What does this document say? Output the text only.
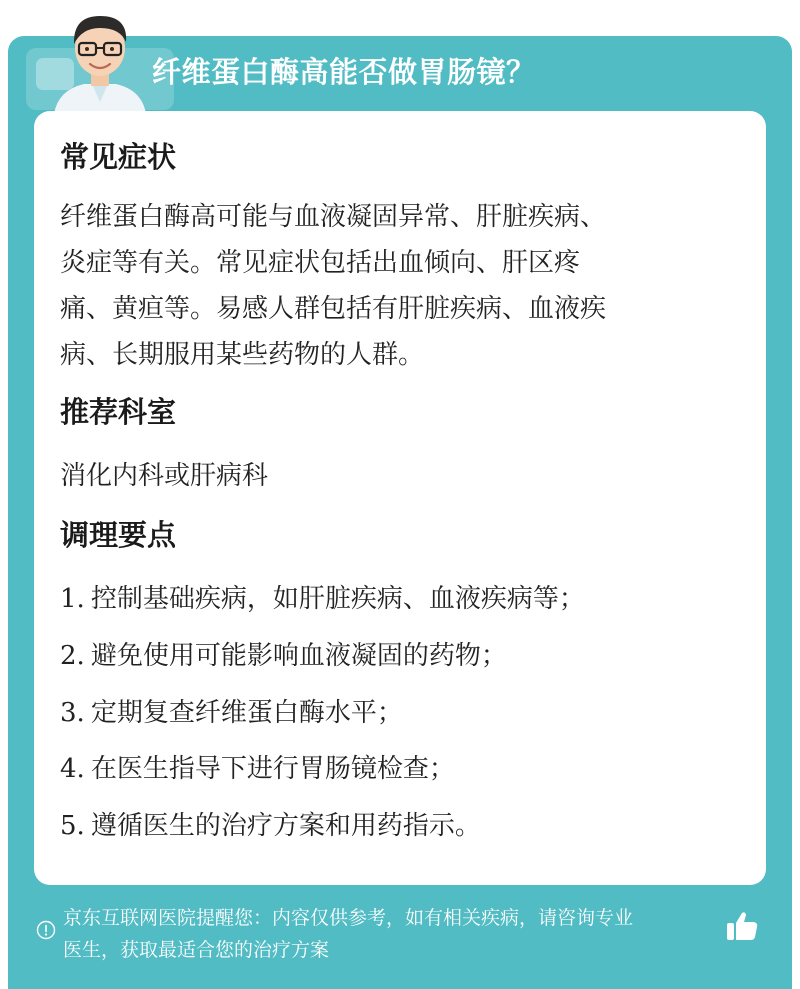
纤维蛋白酶高能否做胃肠镜？
常见症状
纤维蛋白酶高可能与血液凝固异常、肝脏疾病、
炎症等有关。常见症状包括出血倾向、肝区疼
痛、黄疸等。易感人群包括有肝脏疾病、血液疾
病、长期服用某些药物的人群。
推荐科室
消化内科或肝病科
调理要点
1. 控制基础疾病，如肝脏疾病、血液疾病等；
2. 避免使用可能影响血液凝固的药物；
3. 定期复查纤维蛋白酶水平；
4. 在医生指导下进行胃肠镜检查；
5. 遵循医生的治疗方案和用药指示。
京东互联网医院提醒您：内容仅供参考，如有相关疾病，请咨询专业
医生，获取最适合您的治疗方案
